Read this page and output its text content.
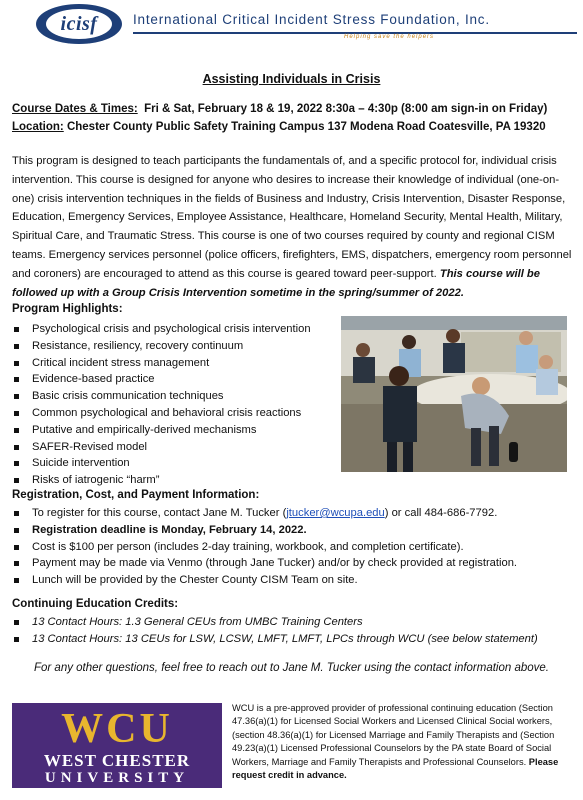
icisf	International Critical Incident Stress Foundation, Inc.
Helping save the helpers
Assisting Individuals in Crisis
Course Dates & Times: Fri & Sat, February 18 & 19, 2022 8:30a – 4:30p (8:00 am sign-in on Friday)
Location: Chester County Public Safety Training Campus 137 Modena Road Coatesville, PA 19320
This program is designed to teach participants the fundamentals of, and a specific protocol for, individual crisis intervention. This course is designed for anyone who desires to increase their knowledge of individual (one-on-one) crisis intervention techniques in the fields of Business and Industry, Crisis Intervention, Disaster Response, Education, Emergency Services, Employee Assistance, Healthcare, Homeland Security, Mental Health, Military, Spiritual Care, and Traumatic Stress. This course is one of two courses required by county and regional CISM teams. Emergency services personnel (police officers, firefighters, EMS, dispatchers, emergency room personnel and coroners) are encouraged to attend as this course is geared toward peer-support. This course will be followed up with a Group Crisis Intervention sometime in the spring/summer of 2022.
Program Highlights:
Psychological crisis and psychological crisis intervention
Resistance, resiliency, recovery continuum
Critical incident stress management
Evidence-based practice
Basic crisis communication techniques
Common psychological and behavioral crisis reactions
Putative and empirically-derived mechanisms
SAFER-Revised model
Suicide intervention
Risks of iatrogenic “harm”
Registration, Cost, and Payment Information:
To register for this course, contact Jane M. Tucker (jtucker@wcupa.edu) or call 484-686-7792.
Registration deadline is Monday, February 14, 2022.
Cost is $100 per person (includes 2-day training, workbook, and completion certificate).
Payment may be made via Venmo (through Jane Tucker) and/or by check provided at registration.
Lunch will be provided by the Chester County CISM Team on site.
Continuing Education Credits:
13 Contact Hours: 1.3 General CEUs from UMBC Training Centers
13 Contact Hours: 13 CEUs for LSW, LCSW, LMFT, LMFT, LPCs through WCU (see below statement)
For any other questions, feel free to reach out to Jane M. Tucker using the contact information above.
WCU
WEST CHESTER
UNIVERSITY
WCU is a pre-approved provider of professional continuing education (Section 47.36(a)(1) for Licensed Social Workers and Licensed Clinical Social workers, (section 48.36(a)(1) for Licensed Marriage and Family Therapists and (Section 49.23(a)(1) Licensed Professional Counselors by the PA state Board of Social Workers, Marriage and Family Therapists and Professional Counselors. Please request credit in advance.
